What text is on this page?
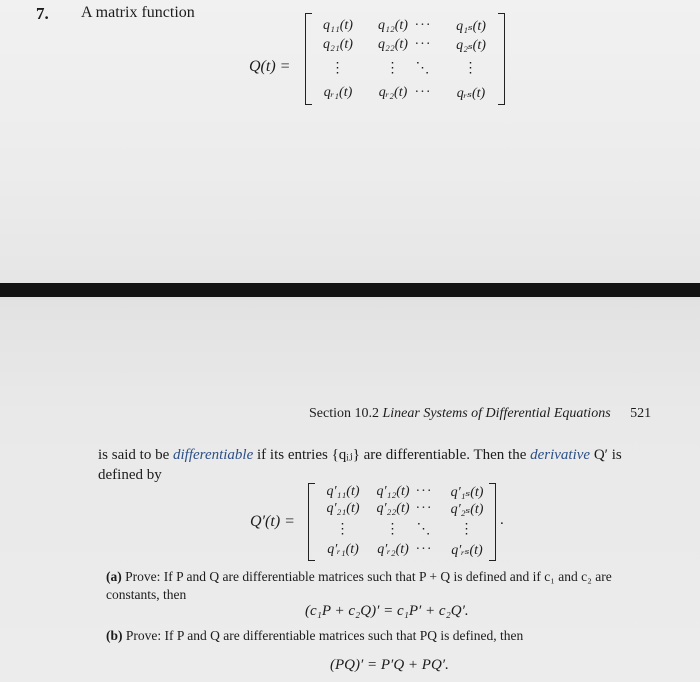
7. A matrix function
Q(t) =
q₁₁(t)	q₁₂(t) ···	q₁ₛ(t)
q₂₁(t)	q₂₂(t) ···	q₂ₛ(t)
⋮	⋮	⋱	⋮
qᵣ₁(t)	qᵣ₂(t) ···	qᵣₛ(t)
Section 10.2 Linear Systems of Differential Equations 521
is said to be differentiable if its entries {qᵢⱼ} are differentiable. Then the derivative Q′ is defined by
Q′(t) =
q′₁₁(t)	q′₁₂(t) ···	q′₁ₛ(t)
q′₂₁(t)	q′₂₂(t) ···	q′₂ₛ(t)
⋮	⋮	⋱	⋮
q′ᵣ₁(t)	q′ᵣ₂(t) ···	q′ᵣₛ(t)
.
(a) Prove: If P and Q are differentiable matrices such that P + Q is defined and if c₁ and c₂ are constants, then
(c₁P + c₂Q)′ = c₁P′ + c₂Q′.
(b) Prove: If P and Q are differentiable matrices such that PQ is defined, then
(PQ)′ = P′Q + PQ′.
